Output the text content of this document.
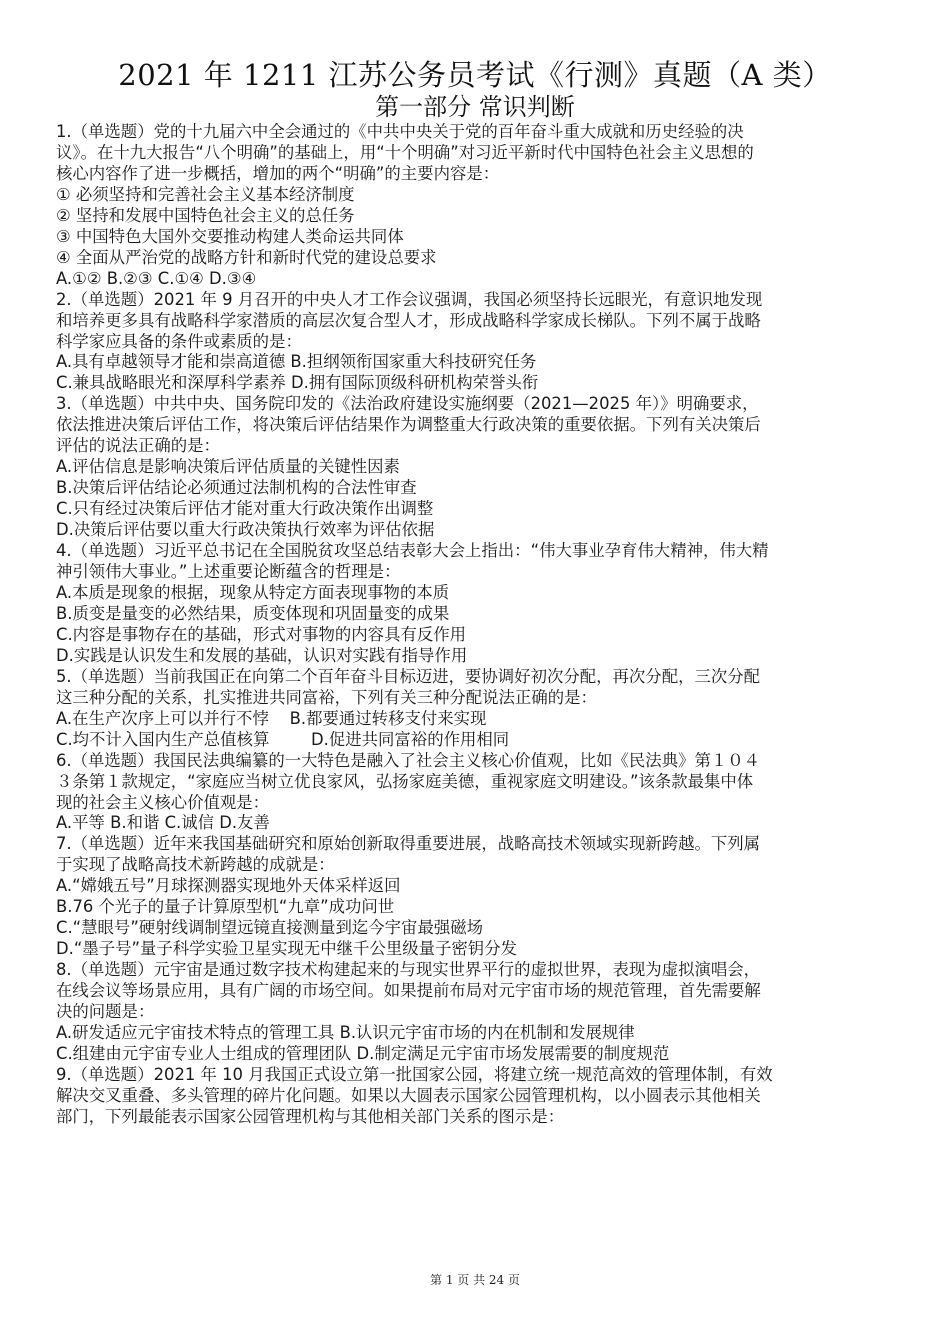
2021 年 1211 江苏公务员考试《行测》真题（A 类）
第一部分 常识判断
1.（单选题）党的十九届六中全会通过的《中共中央关于党的百年奋斗重大成就和历史经验的决
议》。在十九大报告“八个明确”的基础上，用“十个明确”对习近平新时代中国特色社会主义思想的
核心内容作了进一步概括，增加的两个“明确”的主要内容是：
① 必须坚持和完善社会主义基本经济制度
② 坚持和发展中国特色社会主义的总任务
③ 中国特色大国外交要推动构建人类命运共同体
④ 全面从严治党的战略方针和新时代党的建设总要求
A.①② B.②③ C.①④ D.③④
2.（单选题）2021 年 9 月召开的中央人才工作会议强调，我国必须坚持长远眼光，有意识地发现
和培养更多具有战略科学家潜质的高层次复合型人才，形成战略科学家成长梯队。下列不属于战略
科学家应具备的条件或素质的是：
A.具有卓越领导才能和崇高道德 B.担纲领衔国家重大科技研究任务
C.兼具战略眼光和深厚科学素养 D.拥有国际顶级科研机构荣誉头衔
3.（单选题）中共中央、国务院印发的《法治政府建设实施纲要（2021—2025 年）》明确要求，
依法推进决策后评估工作，将决策后评估结果作为调整重大行政决策的重要依据。下列有关决策后
评估的说法正确的是：
A.评估信息是影响决策后评估质量的关键性因素
B.决策后评估结论必须通过法制机构的合法性审查
C.只有经过决策后评估才能对重大行政决策作出调整
D.决策后评估要以重大行政决策执行效率为评估依据
4.（单选题）习近平总书记在全国脱贫攻坚总结表彰大会上指出：“伟大事业孕育伟大精神，伟大精
神引领伟大事业。”上述重要论断蕴含的哲理是：
A.本质是现象的根据，现象从特定方面表现事物的本质
B.质变是量变的必然结果，质变体现和巩固量变的成果
C.内容是事物存在的基础，形式对事物的内容具有反作用
D.实践是认识发生和发展的基础，认识对实践有指导作用
5.（单选题）当前我国正在向第二个百年奋斗目标迈进，要协调好初次分配，再次分配，三次分配
这三种分配的关系，扎实推进共同富裕，下列有关三种分配说法正确的是：
A.在生产次序上可以并行不悖    B.都要通过转移支付来实现
C.均不计入国内生产总值核算        D.促进共同富裕的作用相同
6.（单选题）我国民法典编纂的一大特色是融入了社会主义核心价值观，比如《民法典》第１０４
３条第１款规定，“家庭应当树立优良家风，弘扬家庭美德，重视家庭文明建设。”该条款最集中体
现的社会主义核心价值观是：
A.平等 B.和谐 C.诚信 D.友善
7.（单选题）近年来我国基础研究和原始创新取得重要进展，战略高技术领域实现新跨越。下列属
于实现了战略高技术新跨越的成就是：
A.“嫦娥五号”月球探测器实现地外天体采样返回
B.76 个光子的量子计算原型机“九章”成功问世
C.“慧眼号”硬射线调制望远镜直接测量到迄今宇宙最强磁场
D.“墨子号”量子科学实验卫星实现无中继千公里级量子密钥分发
8.（单选题）元宇宙是通过数字技术构建起来的与现实世界平行的虚拟世界，表现为虚拟演唱会，
在线会议等场景应用，具有广阔的市场空间。如果提前布局对元宇宙市场的规范管理，首先需要解
决的问题是：
A.研发适应元宇宙技术特点的管理工具 B.认识元宇宙市场的内在机制和发展规律
C.组建由元宇宙专业人士组成的管理团队 D.制定满足元宇宙市场发展需要的制度规范
9.（单选题）2021 年 10 月我国正式设立第一批国家公园，将建立统一规范高效的管理体制，有效
解决交叉重叠、多头管理的碎片化问题。如果以大圆表示国家公园管理机构，以小圆表示其他相关
部门，下列最能表示国家公园管理机构与其他相关部门关系的图示是：
第 1 页 共 24 页
